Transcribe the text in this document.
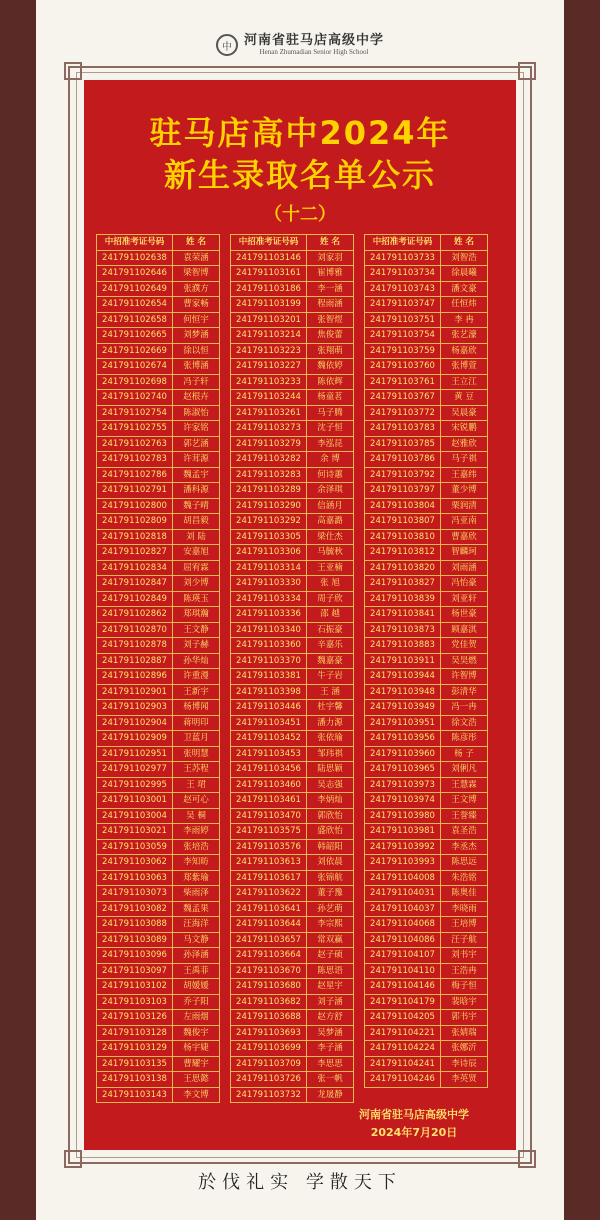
中 河南省驻马店高级中学
Henan Zhumadian Senior High School
驻马店高中2024年
新生录取名单公示
（十二）
中招准考证号码	姓 名
241791102638	袁荣涵
241791102646	梁智博
241791102649	张濮方
241791102654	曹家畅
241791102658	何恒宇
241791102665	刘梦涵
241791102669	徐以恒
241791102674	张博涵
241791102698	冯子轩
241791102740	赵根卉
241791102754	陈淑怡
241791102755	许家铭
241791102763	郭艺涵
241791102783	许茸源
241791102786	魏孟宇
241791102791	潘科源
241791102800	魏子晴
241791102809	胡昌毅
241791102818	刘 陆
241791102827	安嘉旭
241791102834	屈宥霖
241791102847	刘少博
241791102849	陈瑛玉
241791102862	郑琪瀚
241791102870	王文静
241791102878	刘子赫
241791102887	孙华灿
241791102896	许重漫
241791102901	王新宇
241791102903	杨博闻
241791102904	蒋明印
241791102909	卫蓝月
241791102951	张明慧
241791102977	王苏程
241791102995	王 珺
241791103001	赵可心
241791103004	吴 桐
241791103021	李雨婷
241791103059	张培浩
241791103062	李知昉
241791103063	郑紫瑜
241791103073	柴雨泽
241791103082	魏孟果
241791103088	汪海洋
241791103089	马文静
241791103096	孙泽涵
241791103097	王禹菲
241791103102	胡媛媛
241791103103	乔子阳
241791103126	左雨烟
241791103128	魏俊宇
241791103129	杨宇婕
241791103135	曹耀宇
241791103138	王思懿
241791103143	李文博
中招准考证号码	姓 名
241791103146	刘家羽
241791103161	崔博雅
241791103186	李一涵
241791103199	程雨涵
241791103201	张智煜
241791103214	焦俊蕾
241791103223	张翔萌
241791103227	魏依婷
241791103233	陈依辉
241791103244	杨童茗
241791103261	马子腾
241791103273	沈子恒
241791103279	李泓昆
241791103282	余 博
241791103283	何诗蕙
241791103289	余泽琪
241791103290	信涵月
241791103292	高嘉潞
241791103305	梁仕杰
241791103306	马毓秋
241791103314	王亚楠
241791103330	张 旭
241791103334	周子欣
241791103336	邵 越
241791103340	石振豪
241791103360	辛嘉乐
241791103370	魏嘉豪
241791103381	牛子岩
241791103398	王 涵
241791103446	杜宇馨
241791103451	潘力源
241791103452	张依瑜
241791103453	邹玮祺
241791103456	陆思颖
241791103460	吴志强
241791103461	李炳灿
241791103470	郭欣怡
241791103575	盛欣怡
241791103576	韩韶阳
241791103613	刘依晨
241791103617	张锦航
241791103622	董子豫
241791103641	孙艺萌
241791103644	李宗熙
241791103657	常双赢
241791103664	赵子硕
241791103670	陈思语
241791103680	赵星宇
241791103682	刘子涵
241791103688	赵方舒
241791103693	吴梦涵
241791103699	李子涵
241791103709	李思思
241791103726	张一帆
241791103732	龙晟静
中招准考证号码	姓 名
241791103733	刘智浩
241791103734	徐晨曦
241791103743	潘文豪
241791103747	任恒炜
241791103751	李 冉
241791103754	张艺濠
241791103759	杨嘉欣
241791103760	张博萱
241791103761	王立江
241791103767	黄 豆
241791103772	吴晨豪
241791103783	宋锐鹏
241791103785	赵雅欣
241791103786	马子祺
241791103792	王嘉纬
241791103797	董少博
241791103804	栗润清
241791103807	冯亚南
241791103810	曹嘉欣
241791103812	智麟珂
241791103820	刘雨涵
241791103827	冯怡豪
241791103839	刘亚轩
241791103841	杨世豪
241791103873	顾嘉淇
241791103883	党佳贺
241791103911	吴昊燃
241791103944	许智博
241791103948	彭清华
241791103949	冯一冉
241791103951	徐文浩
241791103956	陈彦彤
241791103960	杨 子
241791103965	刘俐凡
241791103973	王慧霖
241791103974	王文博
241791103980	王誉臻
241791103981	袁圣浩
241791103992	李丞杰
241791103993	陈思远
241791104008	朱浩铭
241791104031	陈奥佳
241791104037	李晓雨
241791104068	王培博
241791104086	汪子航
241791104107	刘书宇
241791104110	王浩冉
241791104146	梅子恒
241791104179	裴晗宇
241791104205	郭书宇
241791104221	张婧瑞
241791104224	张娜沂
241791104241	李诗辰
241791104246	李英贤
河南省驻马店高级中学
2024年7月20日
於伐礼实 学散天下
